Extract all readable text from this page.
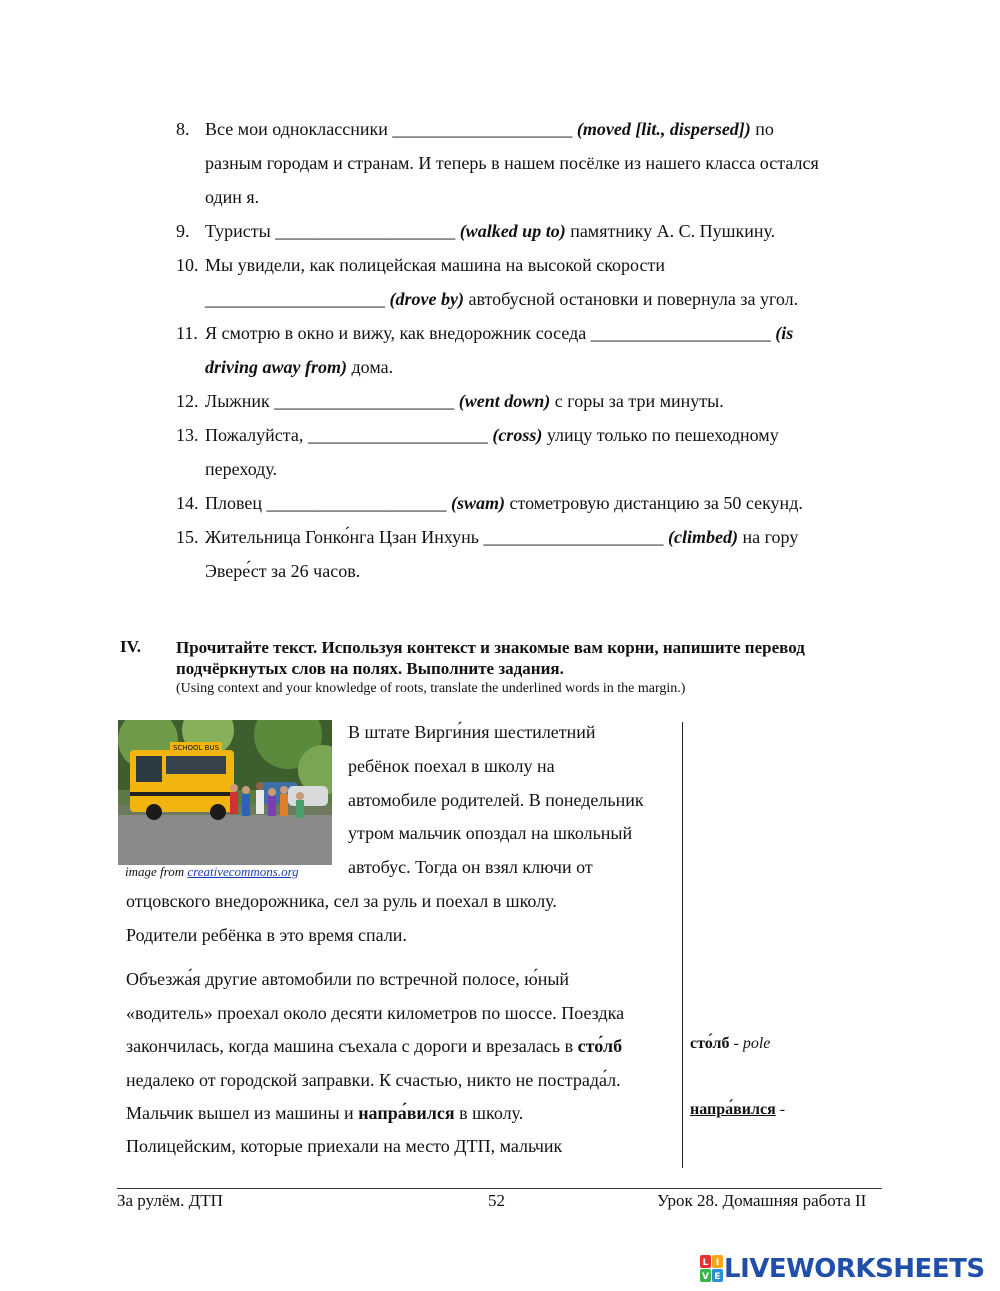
8. Все мои одноклассники ____________________ (moved [lit., dispersed]) по
разным городам и странам. И теперь в нашем посёлке из нашего класса остался
один я.
9. Туристы ____________________ (walked up to) памятнику А. С. Пушкину.
10. Мы увидели, как полицейская машина на высокой скорости
____________________ (drove by) автобусной остановки и повернула за угол.
11. Я смотрю в окно и вижу, как внедорожник соседа ____________________ (is
driving away from) дома.
12. Лыжник ____________________ (went down) с горы за три минуты.
13. Пожалуйста, ____________________ (cross) улицу только по пешеходному
переходу.
14. Пловец ____________________ (swam) стометровую дистанцию за 50 секунд.
15. Жительница Гонко́нга Цзан Инхунь ____________________ (climbed) на гору
Эвере́ст за 26 часов.
IV. Прочитайте текст. Используя контекст и знакомые вам корни, напишите перевод подчёркнутых слов на полях. Выполните задания.
(Using context and your knowledge of roots, translate the underlined words in the margin.)
SCHOOL BUS
image from creativecommons.org
В штате Вирги́ния шестилетний
ребёнок поехал в школу на
автомобиле родителей. В понедельник
утром мальчик опоздал на школьный
автобус. Тогда он взял ключи от
отцовского внедорожника, сел за руль и поехал в школу.
Родители ребёнка в это время спали.
Объезжа́я другие автомобили по встречной полосе, ю́ный
«водитель» проехал около десяти километров по шоссе. Поездка
закончилась, когда машина съехала с дороги и врезалась в сто́лб
недалеко от городской заправки. К счастью, никто не пострада́л.
Мальчик вышел из машины и напра́вился в школу.
Полицейским, которые приехали на место ДТП, мальчик
сто́лб - pole
напра́вился -
За рулём. ДТП	52	Урок 28. Домашняя работа II
L I
V E LIVEWORKSHEETS
